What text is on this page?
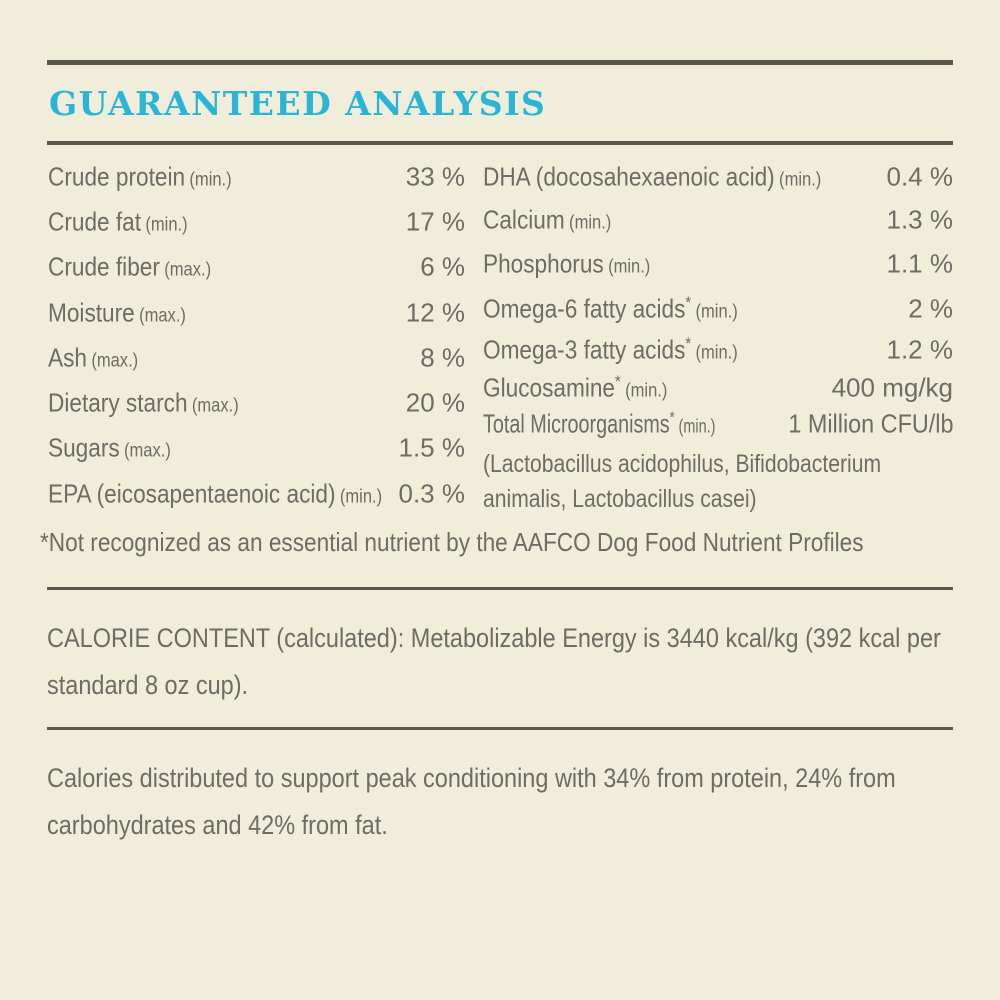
GUARANTEED ANALYSIS
Crude protein (min.)	33 %
Crude fat (min.)	17 %
Crude fiber (max.)	6 %
Moisture (max.)	12 %
Ash (max.)	8 %
Dietary starch (max.)	20 %
Sugars (max.)	1.5 %
EPA (eicosapentaenoic acid) (min.) 0.3 %
DHA (docosahexaenoic acid) (min.)	0.4 %
Calcium (min.)	1.3 %
Phosphorus (min.)	1.1 %
Omega-6 fatty acids* (min.)	2 %
Omega-3 fatty acids* (min.)	1.2 %
Glucosamine* (min.)	400 mg/kg
Total Microorganisms* (min.)	1 Million CFU/lb
(Lactobacillus acidophilus, Bifidobacterium animalis, Lactobacillus casei)
*Not recognized as an essential nutrient by the AAFCO Dog Food Nutrient Profiles

CALORIE CONTENT (calculated): Metabolizable Energy is 3440 kcal/kg (392 kcal per standard 8 oz cup).

Calories distributed to support peak conditioning with 34% from protein, 24% from carbohydrates and 42% from fat.
